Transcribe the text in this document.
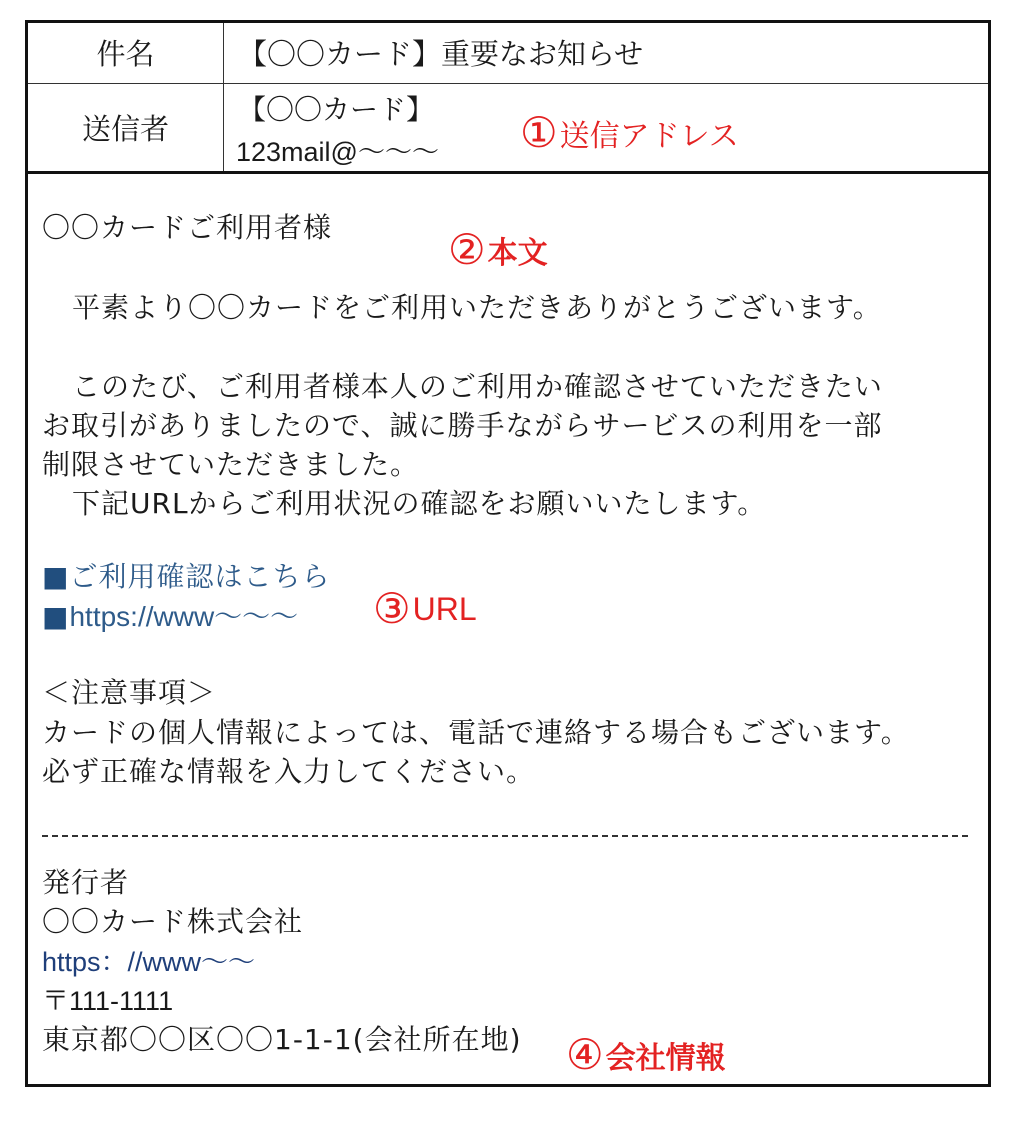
件名	【〇〇カード】重要なお知らせ
送信者	【〇〇カード】
123mail@〜〜〜 ① 送信アドレス
〇〇カードご利用者様	② 本文
平素より〇〇カードをご利用いただきありがとうございます。
このたび、ご利用者様本人のご利用か確認させていただきたい
お取引がありましたので、誠に勝手ながらサービスの利用を一部
制限させていただきました。
下記URLからご利用状況の確認をお願いいたします。
■ご利用確認はこちら
■https://www〜〜〜 ③ URL
＜注意事項＞
カードの個人情報によっては、電話で連絡する場合もございます。
必ず正確な情報を入力してください。
発行者
〇〇カード株式会社
https：//www〜〜
〒111-1111
東京都〇〇区〇〇1-1-1(会社所在地) ④ 会社情報
